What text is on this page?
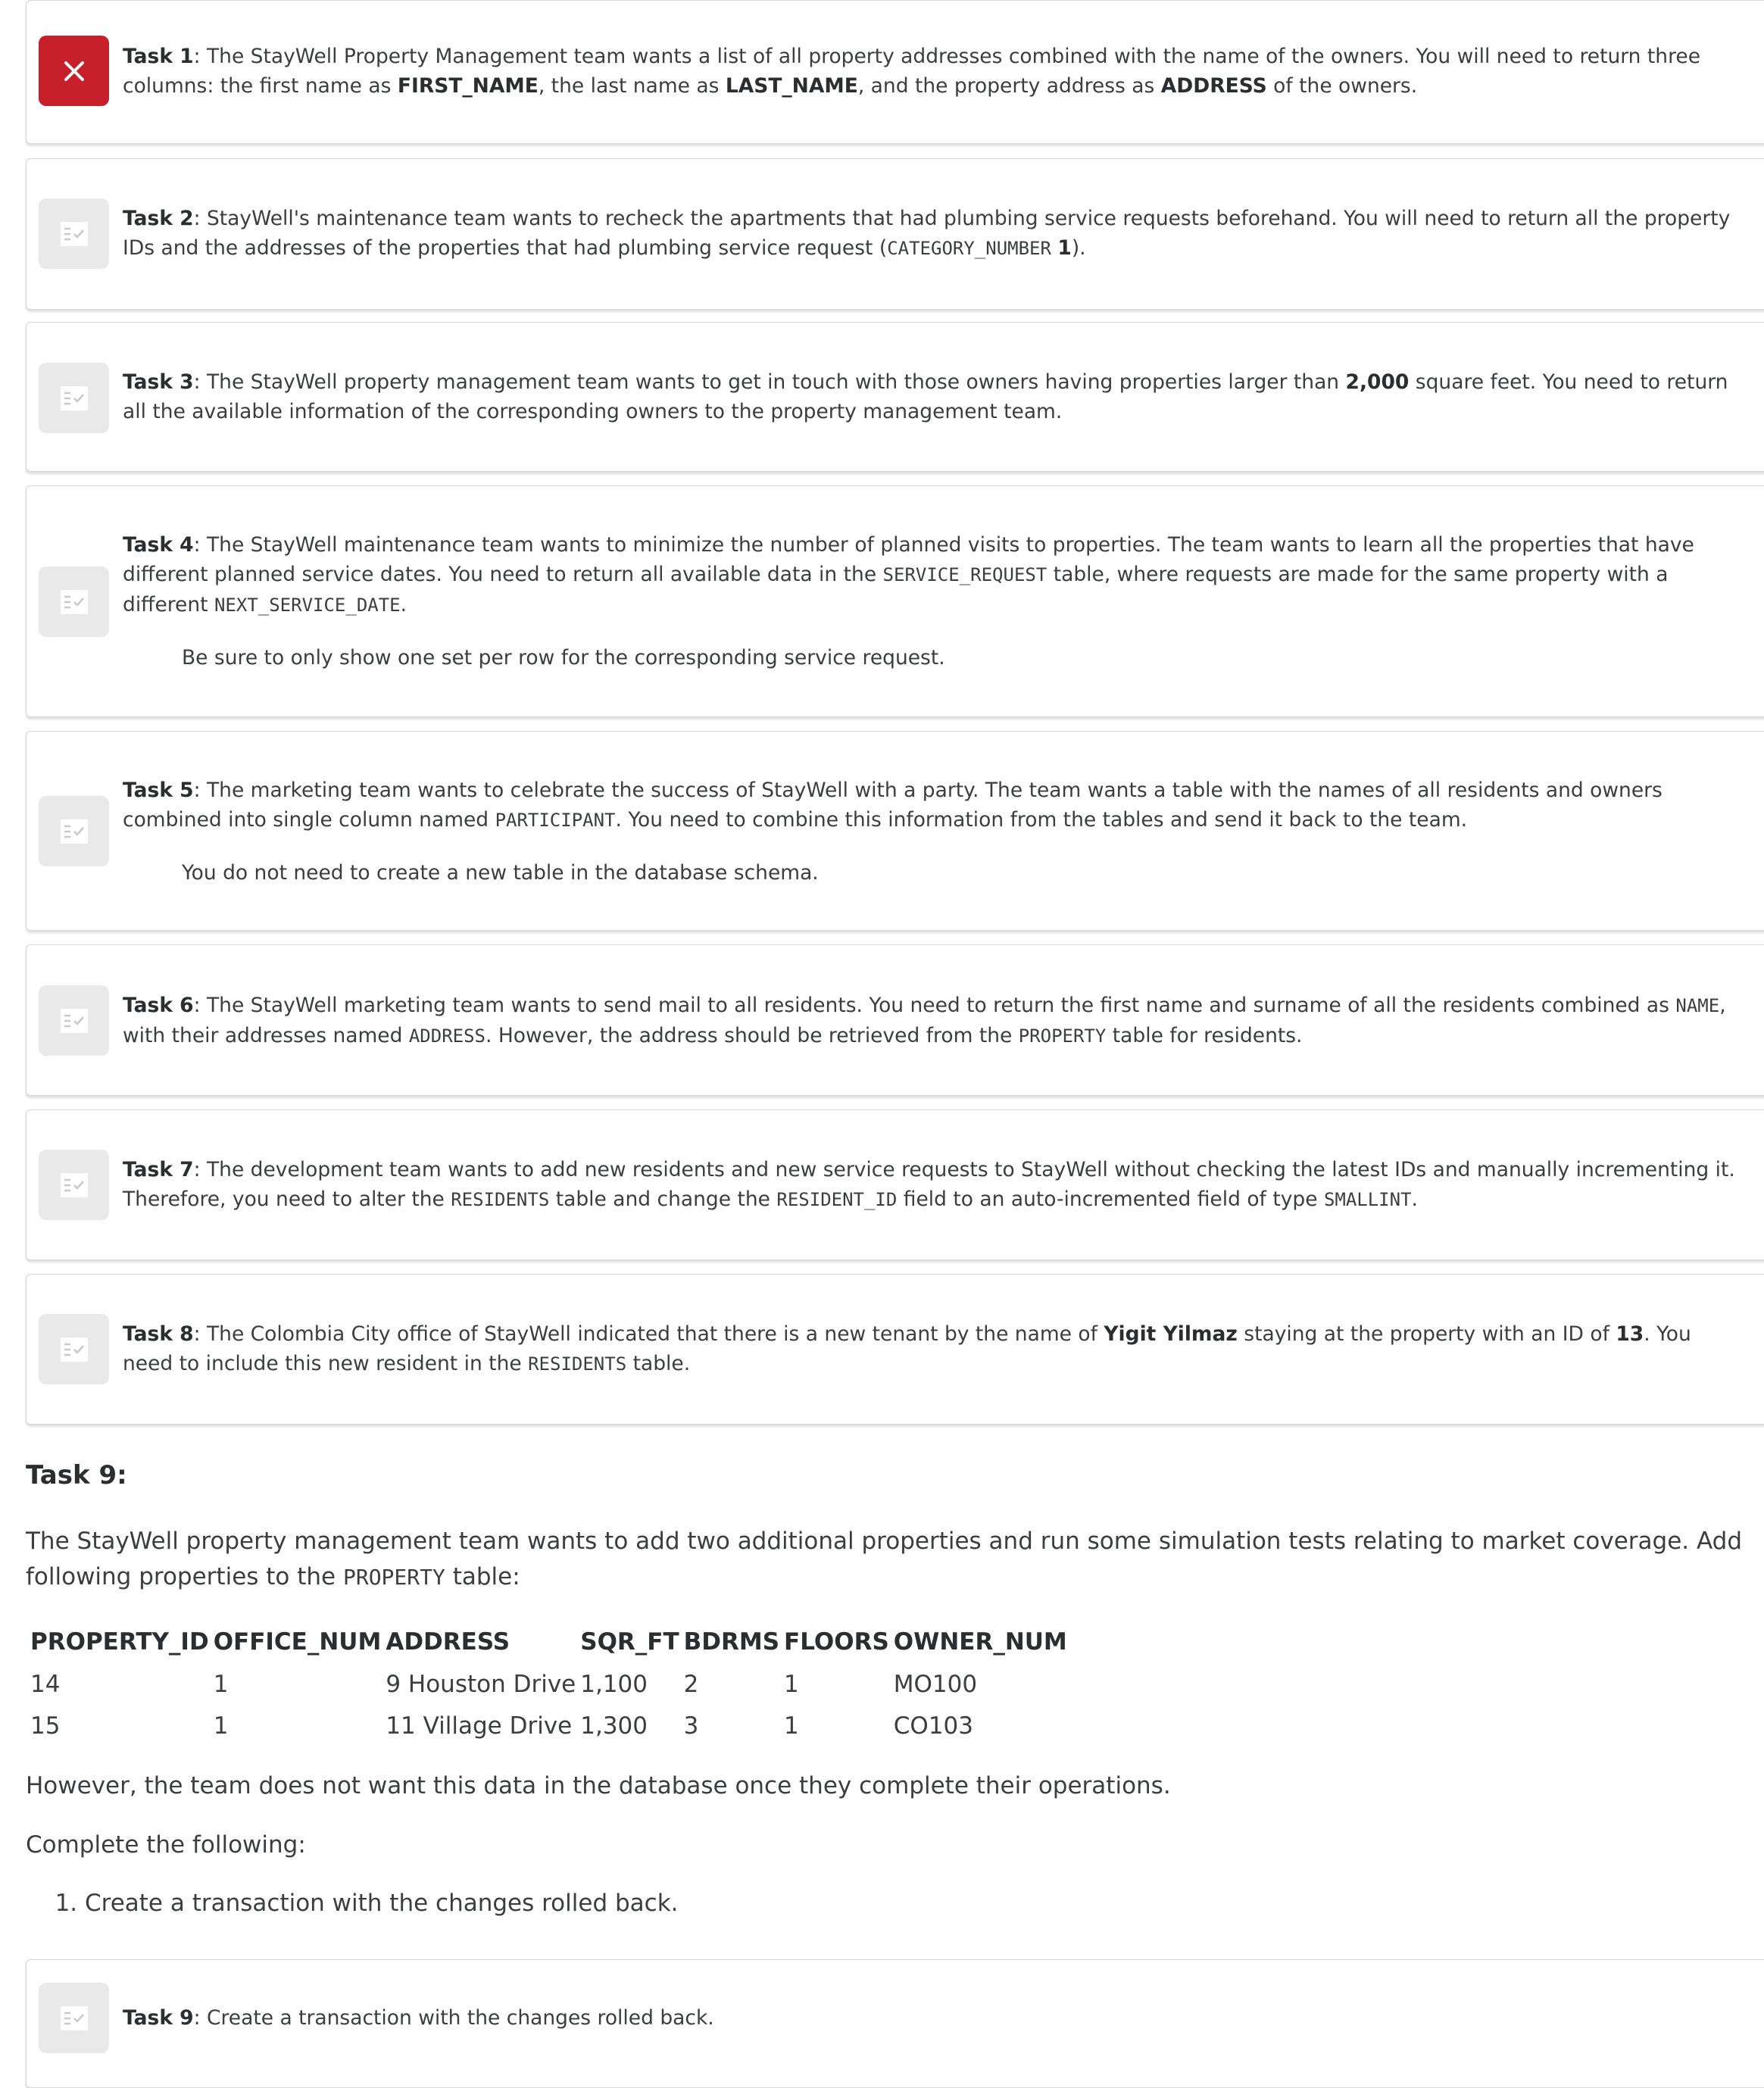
Task 1: The StayWell Property Management team wants a list of all property addresses combined with the name of the owners. You will need to return three columns: the first name as FIRST_NAME, the last name as LAST_NAME, and the property address as ADDRESS of the owners.
Task 2: StayWell's maintenance team wants to recheck the apartments that had plumbing service requests beforehand. You will need to return all the property IDs and the addresses of the properties that had plumbing service request (CATEGORY_NUMBER 1).
Task 3: The StayWell property management team wants to get in touch with those owners having properties larger than 2,000 square feet. You need to return all the available information of the corresponding owners to the property management team.
Task 4: The StayWell maintenance team wants to minimize the number of planned visits to properties. The team wants to learn all the properties that have different planned service dates. You need to return all available data in the SERVICE_REQUEST table, where requests are made for the same property with a different NEXT_SERVICE_DATE.
Be sure to only show one set per row for the corresponding service request.
Task 5: The marketing team wants to celebrate the success of StayWell with a party. The team wants a table with the names of all residents and owners combined into single column named PARTICIPANT. You need to combine this information from the tables and send it back to the team.
You do not need to create a new table in the database schema.
Task 6: The StayWell marketing team wants to send mail to all residents. You need to return the first name and surname of all the residents combined as NAME, with their addresses named ADDRESS. However, the address should be retrieved from the PROPERTY table for residents.
Task 7: The development team wants to add new residents and new service requests to StayWell without checking the latest IDs and manually incrementing it. Therefore, you need to alter the RESIDENTS table and change the RESIDENT_ID field to an auto-incremented field of type SMALLINT.
Task 8: The Colombia City office of StayWell indicated that there is a new tenant by the name of Yigit Yilmaz staying at the property with an ID of 13. You need to include this new resident in the RESIDENTS table.
Task 9:

The StayWell property management team wants to add two additional properties and run some simulation tests relating to market coverage. Add following properties to the PROPERTY table:

PROPERTY_ID	OFFICE_NUM	ADDRESS	SQR_FT	BDRMS	FLOORS	OWNER_NUM
14	1	9 Houston Drive	1,100	2	1	MO100
15	1	11 Village Drive	1,300	3	1	CO103

However, the team does not want this data in the database once they complete their operations.

Complete the following:

1. Create a transaction with the changes rolled back.
Task 9: Create a transaction with the changes rolled back.
